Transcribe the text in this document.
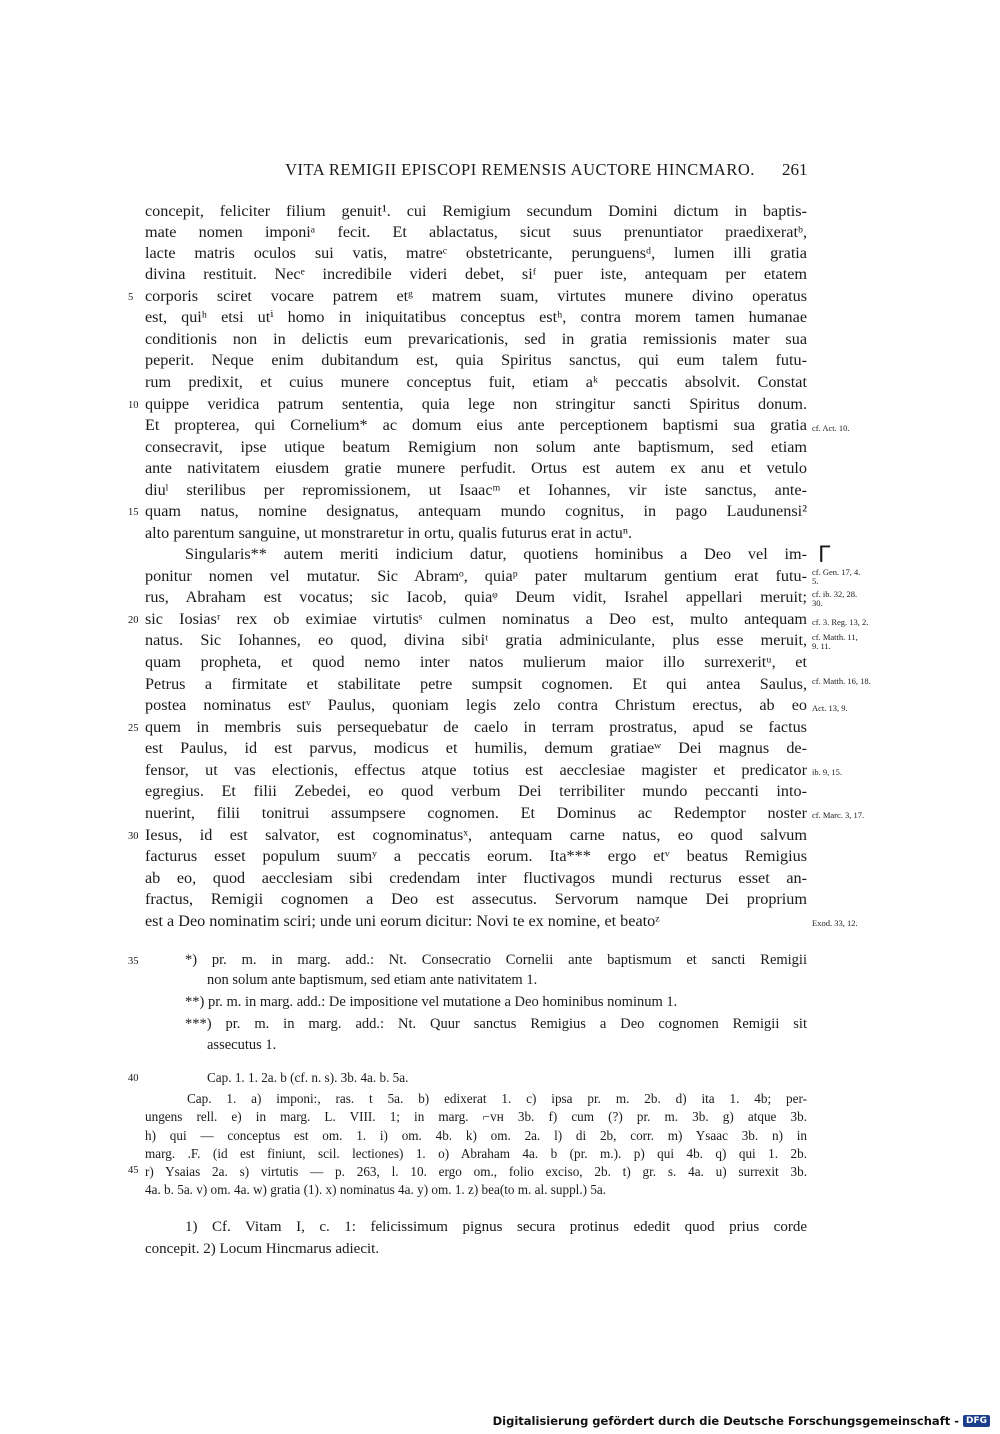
VITA REMIGII EPISCOPI REMENSIS AUCTORE HINCMARO.	261
concepit, feliciter filium genuit¹. cui Remigium secundum Domini dictum in baptis-
mate nomen imponiᵃ fecit. Et ablactatus, sicut suus prenuntiator praedixeratᵇ,
lacte matris oculos sui vatis, matreᶜ obstetricante, perunguensᵈ, lumen illi gratia
divina restituit. Necᵉ incredibile videri debet, siᶠ puer iste, antequam per etatem
corporis sciret vocare patrem etᵍ matrem suam, virtutes munere divino operatus
est, quiʰ etsi utⁱ homo in iniquitatibus conceptus estʰ, contra morem tamen humanae
conditionis non in delictis eum prevaricationis, sed in gratia remissionis mater sua
peperit. Neque enim dubitandum est, quia Spiritus sanctus, qui eum talem futu-
rum predixit, et cuius munere conceptus fuit, etiam aᵏ peccatis absolvit. Constat
quippe veridica patrum sententia, quia lege non stringitur sancti Spiritus donum.
Et propterea, qui Cornelium* ac domum eius ante perceptionem baptismi sua gratia
consecravit, ipse utique beatum Remigium non solum ante baptismum, sed etiam
ante nativitatem eiusdem gratie munere perfudit. Ortus est autem ex anu et vetulo
diuˡ sterilibus per repromissionem, ut Isaacᵐ et Iohannes, vir iste sanctus, ante-
quam natus, nomine designatus, antequam mundo cognitus, in pago Laudunensi²
alto parentum sanguine, ut monstraretur in ortu, qualis futurus erat in actuⁿ.
Singularis** autem meriti indicium datur, quotiens hominibus a Deo vel im-
ponitur nomen vel mutatur. Sic Abramᵒ, quiaᵖ pater multarum gentium erat futu-
rus, Abraham est vocatus; sic Iacob, quiaᵠ Deum vidit, Israhel appellari meruit;
sic Iosiasʳ rex ob eximiae virtutisˢ culmen nominatus a Deo est, multo antequam
natus. Sic Iohannes, eo quod, divina sibiᵗ gratia adminiculante, plus esse meruit,
quam propheta, et quod nemo inter natos mulierum maior illo surrexeritᵘ, et
Petrus a firmitate et stabilitate petre sumpsit cognomen. Et qui antea Saulus,
postea nominatus estᵛ Paulus, quoniam legis zelo contra Christum erectus, ab eo
quem in membris suis persequebatur de caelo in terram prostratus, apud se factus
est Paulus, id est parvus, modicus et humilis, demum gratiaeʷ Dei magnus de-
fensor, ut vas electionis, effectus atque totius est aecclesiae magister et predicator
egregius. Et filii Zebedei, eo quod verbum Dei terribiliter mundo peccanti into-
nuerint, filii tonitrui assumpsere cognomen. Et Dominus ac Redemptor noster
Iesus, id est salvator, est cognominatusˣ, antequam carne natus, eo quod salvum
facturus esset populum suumʸ a peccatis eorum. Ita*** ergo etᵛ beatus Remigius
ab eo, quod aecclesiam sibi credendam inter fluctivagos mundi recturus esset an-
fractus, Remigii cognomen a Deo est assecutus. Servorum namque Dei proprium
est a Deo nominatim sciri; unde uni eorum dicitur: Novi te ex nomine, et beatoᶻ
5
10
15
20
25
30
35
40
45
cf. Act. 10.
Γ
cf. Gen. 17, 4. 5.
cf. ib. 32, 28. 30.
cf. 3. Reg. 13, 2.
cf. Matth. 11, 9. 11.
cf. Matth. 16, 18.
Act. 13, 9.
ib. 9, 15.
cf. Marc. 3, 17.
Exod. 33, 12.
*) pr. m. in marg. add.: Nt. Consecratio Cornelii ante baptismum et sancti Remigii
non solum ante baptismum, sed etiam ante nativitatem 1.
**) pr. m. in marg. add.: De impositione vel mutatione a Deo hominibus nominum 1.
***) pr. m. in marg. add.: Nt. Quur sanctus Remigius a Deo cognomen Remigii sit
assecutus 1.
Cap. 1. 1. 2a. b (cf. n. s). 3b. 4a. b. 5a.
Cap. 1. a) imponi:, ras. t 5a. b) edixerat 1. c) ipsa pr. m. 2b. d) ita 1. 4b; per-
ungens rell. e) in marg. L. VIII. 1; in marg. ⌐ᴠʜ 3b. f) cum (?) pr. m. 3b. g) atque 3b.
h) qui — conceptus est om. 1. i) om. 4b. k) om. 2a. l) di 2b, corr. m) Ysaac 3b. n) in
marg. .F. (id est finiunt, scil. lectiones) 1. o) Abraham 4a. b (pr. m.). p) qui 4b. q) qui 1. 2b.
r) Ysaias 2a. s) virtutis — p. 263, l. 10. ergo om., folio exciso, 2b. t) gr. s. 4a. u) surrexit 3b.
4a. b. 5a. v) om. 4a. w) gratia (1). x) nominatus 4a. y) om. 1. z) bea(to m. al. suppl.) 5a.
1) Cf. Vitam I, c. 1: felicissimum pignus secura protinus ededit quod prius corde
concepit. 2) Locum Hincmarus adiecit.
Digitalisierung gefördert durch die Deutsche Forschungsgemeinschaft - DFG
